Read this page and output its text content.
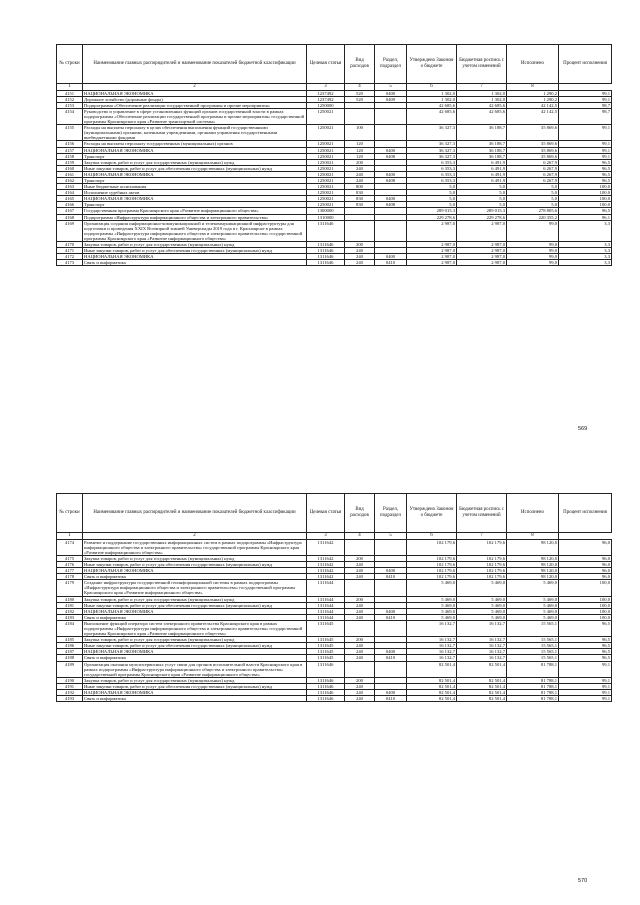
№ строки	Наименование главных распорядителей и наименование показателей бюджетной классификации	Целевая статья	Вид расходов	Раздел, подраздел	Утверждено Законом о бюджете	Бюджетная роспись с учетом изменений	Исполнено	Процент исполнения
1	2	3	4	5	6	7	8
4151	НАЦИОНАЛЬНАЯ ЭКОНОМИКА	1237492	520	0400	1 302,0	1 302,0	1 290,2	99,1
4152	Дорожное хозяйство (дорожные фонды)	1237492	520	0409	1 302,0	1 302,0	1 290,2	99,1
4153	Подпрограмма «Обеспечение реализации государственной программы и прочие мероприятия»	1250000			42 685,6	42 685,6	42 142,5	98,7
4154	Руководство и управление в сфере установленных функций органов государственной власти в рамках подпрограммы «Обеспечение реализации государственной программы и прочие мероприятия» государственной программы Красноярского края «Развитие транспортной системы»	1250021			42 685,6	42 685,6	42 142,5	98,7
4155	Расходы на выплаты персоналу в целях обеспечения выполнения функций государственными (муниципальными) органами, казенными учреждениями, органами управления государственными внебюджетными фондами	1250021	100		36 327,3	36 188,7	35 869,6	99,1
4156	Расходы на выплаты персоналу государственных (муниципальных) органов	1250021	120		36 327,3	36 188,7	35 869,6	99,1
4157	НАЦИОНАЛЬНАЯ ЭКОНОМИКА	1250021	120	0400	36 327,3	36 188,7	35 869,6	99,1
4158	Транспорт	1250021	120	0408	36 327,3	36 188,7	35 869,6	99,1
4159	Закупка товаров, работ и услуг для государственных (муниципальных) нужд	1250021	200		6 353,3	6 491,9	6 267,9	96,5
4160	Иные закупки товаров, работ и услуг для обеспечения государственных (муниципальных) нужд	1250021	240		6 353,3	6 491,9	6 267,9	96,5
4161	НАЦИОНАЛЬНАЯ ЭКОНОМИКА	1250021	240	0400	6 353,3	6 491,9	6 267,9	96,5
4162	Транспорт	1250021	240	0408	6 353,3	6 491,9	6 267,9	96,5
4163	Иные бюджетные ассигнования	1250021	800		5,0	5,0	5,0	100,0
4164	Исполнение судебных актов	1250021	830		5,0	5,0	5,0	100,0
4165	НАЦИОНАЛЬНАЯ ЭКОНОМИКА	1250021	830	0400	5,0	5,0	5,0	100,0
4166	Транспорт	1250021	830	0408	5,0	5,0	5,0	100,0
4167	Государственная программа Красноярского края «Развитие информационного общества»	1300000			289 015,3	289 015,3	278 805,6	96,5
4168	Подпрограмма «Инфраструктура информационного общества и электронного правительства»	1310000			229 278,6	229 278,6	220 355,2	96,1
4169	Организация создания информационно-коммуникационной и телекоммуникационной инфраструктуры для подготовки и проведения XXIX Всемирной зимней Универсиады 2019 года в г. Красноярске в рамках подпрограммы «Инфраструктура информационного общества и электронного правительства» государственной программы Красноярского края «Развитие информационного общества»	1311646			2 987,0	2 987,0	99,0	3,3
4170	Закупка товаров, работ и услуг для государственных (муниципальных) нужд	1311646	200		2 987,0	2 987,0	99,0	3,3
4171	Иные закупки товаров, работ и услуг для обеспечения государственных (муниципальных) нужд	1311646	240		2 987,0	2 987,0	99,0	3,3
4172	НАЦИОНАЛЬНАЯ ЭКОНОМИКА	1311646	240	0400	2 987,0	2 987,0	99,0	3,3
4173	Связь и информатика	1311646	240	0410	2 987,0	2 987,0	99,0	3,3
569
№ строки	Наименование главных распорядителей и наименование показателей бюджетной классификации	Целевая статья	Вид расходов	Раздел, подраздел	Утверждено Законом о бюджете	Бюджетная роспись с учетом изменений	Исполнено	Процент исполнения
1	2	3	4	5	6	7	8
4174	Развитие и поддержание государственных информационных систем в рамках подпрограммы «Инфраструктура информационного общества и электронного правительства» государственной программы Красноярского края «Развитие информационного общества»	1311642			102 179,6	102 179,6	98 120,0	96,0
4175	Закупка товаров, работ и услуг для государственных (муниципальных) нужд	1311642	200		102 179,6	102 179,6	98 120,0	96,0
4176	Иные закупки товаров, работ и услуг для обеспечения государственных (муниципальных) нужд	1311642	240		102 179,6	102 179,6	98 120,0	96,0
4177	НАЦИОНАЛЬНАЯ ЭКОНОМИКА	1311642	240	0400	102 179,6	102 179,6	98 120,0	96,0
4178	Связь и информатика	1311642	240	0410	102 179,6	102 179,6	98 120,0	96,0
4179	Создание инфраструктуры государственной геоинформационной системы в рамках подпрограммы «Инфраструктура информационного общества и электронного правительства» государственной программы Красноярского края «Развитие информационного общества»	1311644			5 469,0	5 469,0	5 469,0	100,0
4180	Закупка товаров, работ и услуг для государственных (муниципальных) нужд	1311644	200		5 469,0	5 469,0	5 469,0	100,0
4181	Иные закупки товаров, работ и услуг для обеспечения государственных (муниципальных) нужд	1311644	240		5 469,0	5 469,0	5 469,0	100,0
4182	НАЦИОНАЛЬНАЯ ЭКОНОМИКА	1311644	240	0400	5 469,0	5 469,0	5 469,0	100,0
4183	Связь и информатика	1311644	240	0410	5 469,0	5 469,0	5 469,0	100,0
4184	Выполнение функций оператора систем электронного правительства Красноярского края в рамках подпрограммы «Инфраструктура информационного общества и электронного правительства» государственной программы Красноярского края «Развитие информационного общества»	1311645			16 132,7	16 132,7	15 565,1	96,5
4185	Закупка товаров, работ и услуг для государственных (муниципальных) нужд	1311645	200		16 132,7	16 132,7	15 565,1	96,5
4186	Иные закупки товаров, работ и услуг для обеспечения государственных (муниципальных) нужд	1311645	240		16 132,7	16 132,7	15 565,1	96,5
4187	НАЦИОНАЛЬНАЯ ЭКОНОМИКА	1311645	240	0400	16 132,7	16 132,7	15 565,1	96,5
4188	Связь и информатика	1311645	240	0410	16 132,7	16 132,7	15 565,1	96,5
4189	Организация оказания мультисервисных услуг связи для органов исполнительной власти Красноярского края в рамках подпрограммы «Инфраструктура информационного общества и электронного правительства» государственной программы Красноярского края «Развитие информационного общества»	1311646			82 501,4	82 501,4	81 788,1	99,1
4190	Закупка товаров, работ и услуг для государственных (муниципальных) нужд	1311646	200		82 501,4	82 501,4	81 788,1	99,1
4191	Иные закупки товаров, работ и услуг для обеспечения государственных (муниципальных) нужд	1311646	240		82 501,4	82 501,4	81 788,1	99,1
4192	НАЦИОНАЛЬНАЯ ЭКОНОМИКА	1311646	240	0400	82 501,4	82 501,4	81 788,1	99,1
4193	Связь и информатика	1311646	240	0410	82 501,4	82 501,4	81 788,1	99,1
570
